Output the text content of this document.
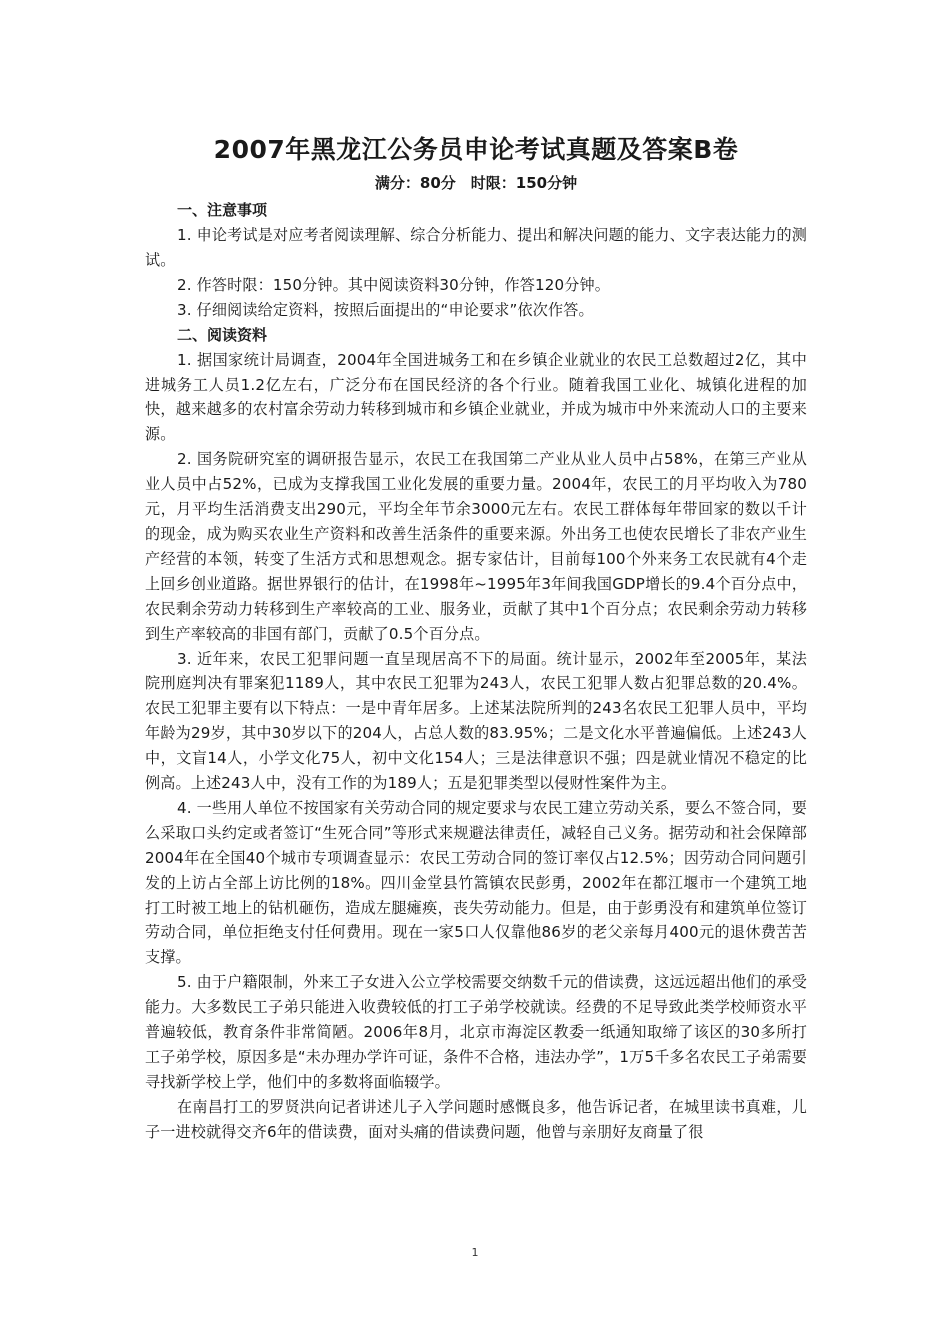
2007年黑龙江公务员申论考试真题及答案B卷
满分：80分　时限：150分钟
一、注意事项

1. 申论考试是对应考者阅读理解、综合分析能力、提出和解决问题的能力、文字表达能力的测试。

2. 作答时限：150分钟。其中阅读资料30分钟，作答120分钟。

3. 仔细阅读给定资料，按照后面提出的“申论要求”依次作答。

二、阅读资料

1. 据国家统计局调查，2004年全国进城务工和在乡镇企业就业的农民工总数超过2亿，其中进城务工人员1.2亿左右，广泛分布在国民经济的各个行业。随着我国工业化、城镇化进程的加快，越来越多的农村富余劳动力转移到城市和乡镇企业就业，并成为城市中外来流动人口的主要来源。

2. 国务院研究室的调研报告显示，农民工在我国第二产业从业人员中占58%，在第三产业从业人员中占52%，已成为支撑我国工业化发展的重要力量。2004年，农民工的月平均收入为780元，月平均生活消费支出290元，平均全年节余3000元左右。农民工群体每年带回家的数以千计的现金，成为购买农业生产资料和改善生活条件的重要来源。外出务工也使农民增长了非农产业生产经营的本领，转变了生活方式和思想观念。据专家估计，目前每100个外来务工农民就有4个走上回乡创业道路。据世界银行的估计，在1998年~1995年3年间我国GDP增长的9.4个百分点中，农民剩余劳动力转移到生产率较高的工业、服务业，贡献了其中1个百分点；农民剩余劳动力转移到生产率较高的非国有部门，贡献了0.5个百分点。

3. 近年来，农民工犯罪问题一直呈现居高不下的局面。统计显示，2002年至2005年，某法院刑庭判决有罪案犯1189人，其中农民工犯罪为243人，农民工犯罪人数占犯罪总数的20.4%。农民工犯罪主要有以下特点：一是中青年居多。上述某法院所判的243名农民工犯罪人员中，平均年龄为29岁，其中30岁以下的204人，占总人数的83.95%；二是文化水平普遍偏低。上述243人中，文盲14人，小学文化75人，初中文化154人；三是法律意识不强；四是就业情况不稳定的比例高。上述243人中，没有工作的为189人；五是犯罪类型以侵财性案件为主。

4. 一些用人单位不按国家有关劳动合同的规定要求与农民工建立劳动关系，要么不签合同，要么采取口头约定或者签订“生死合同”等形式来规避法律责任，减轻自己义务。据劳动和社会保障部2004年在全国40个城市专项调查显示：农民工劳动合同的签订率仅占12.5%；因劳动合同问题引发的上访占全部上访比例的18%。四川金堂县竹篙镇农民彭勇，2002年在都江堰市一个建筑工地打工时被工地上的钻机砸伤，造成左腿瘫痪，丧失劳动能力。但是，由于彭勇没有和建筑单位签订劳动合同，单位拒绝支付任何费用。现在一家5口人仅靠他86岁的老父亲每月400元的退休费苦苦支撑。

5. 由于户籍限制，外来工子女进入公立学校需要交纳数千元的借读费，这远远超出他们的承受能力。大多数民工子弟只能进入收费较低的打工子弟学校就读。经费的不足导致此类学校师资水平普遍较低，教育条件非常简陋。2006年8月，北京市海淀区教委一纸通知取缔了该区的30多所打工子弟学校，原因多是“未办理办学许可证，条件不合格，违法办学”，1万5千多名农民工子弟需要寻找新学校上学，他们中的多数将面临辍学。

在南昌打工的罗贤洪向记者讲述儿子入学问题时感慨良多，他告诉记者，在城里读书真难，儿子一进校就得交齐6年的借读费，面对头痛的借读费问题，他曾与亲朋好友商量了很

1
